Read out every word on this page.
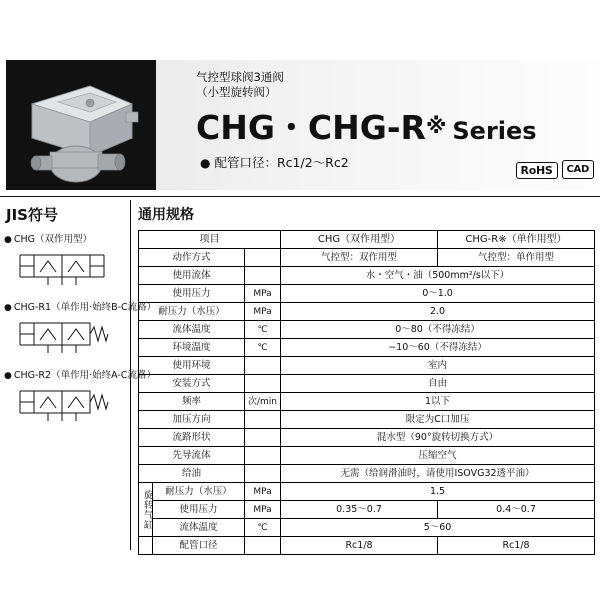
气控型球阀3通阀
（小型旋转阀）
CHG・CHG-R※ Series
● 配管口径：Rc1/2～Rc2
RoHS	CAD
JIS符号
● CHG（双作用型）
● CHG-R1（单作用·始终B-C流路）
● CHG-R2（单作用·始终A-C流路）
通用规格
项目			CHG（双作用型）	CHG-R※（单作用型）
动作方式			气控型：双作用型	气控型：单作用型
使用流体			水・空气・油（500mm²/s以下）	
使用压力		MPa	0～1.0	
耐压力（水压）		MPa	2.0	
流体温度		℃	0～80（不得冻结）	
环境温度		℃	−10～60（不得冻结）	
使用环境			室内	
安装方式			自由	
频率		次/min	1以下	
加压方向			限定为C口加压	
流路形状			混水型（90°旋转切换方式）	
先导流体			压缩空气	
给油			无需（给润滑油时，请使用ISOVG32透平油）	

旋转气缸	耐压力（水压）	MPa	1.5	
	使用压力	MPa	0.35～0.7	0.4～0.7
	流体温度	℃	5～60	
	配管口径		Rc1/8	Rc1/8
